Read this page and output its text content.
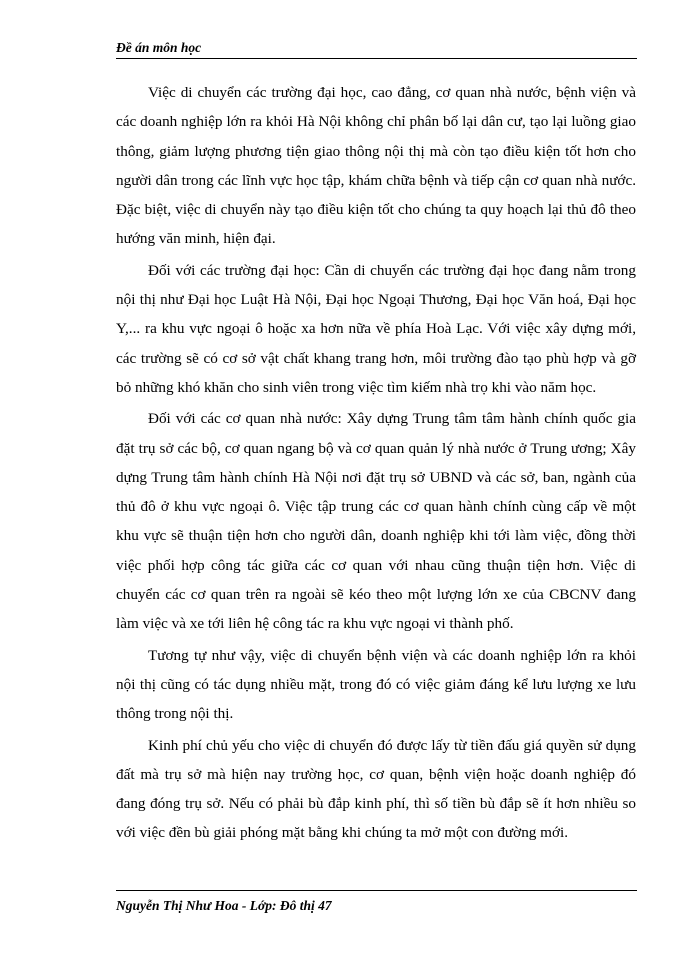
Đề án môn học

Việc di chuyển các trường đại học, cao đẳng, cơ quan nhà nước, bệnh viện và các doanh nghiệp lớn ra khỏi Hà Nội không chỉ phân bố lại dân cư, tạo lại luồng giao thông, giảm lượng phương tiện giao thông nội thị mà còn tạo điều kiện tốt hơn cho người dân trong các lĩnh vực học tập, khám chữa bệnh và tiếp cận cơ quan nhà nước. Đặc biệt, việc di chuyển này tạo điều kiện tốt cho chúng ta quy hoạch lại thủ đô theo hướng văn minh, hiện đại.

Đối với các trường đại học: Cần di chuyển các trường đại học đang nằm trong nội thị như Đại học Luật Hà Nội, Đại học Ngoại Thương, Đại học Văn hoá, Đại học Y,... ra khu vực ngoại ô hoặc xa hơn nữa về phía Hoà Lạc. Với việc xây dựng mới, các trường sẽ có cơ sở vật chất khang trang hơn, môi trường đào tạo phù hợp và gỡ bỏ những khó khăn cho sinh viên trong việc tìm kiếm nhà trọ khi vào năm học.

Đối với các cơ quan nhà nước: Xây dựng Trung tâm tâm hành chính quốc gia đặt trụ sở các bộ, cơ quan ngang bộ và cơ quan quản lý nhà nước ở Trung ương; Xây dựng Trung tâm hành chính Hà Nội nơi đặt trụ sở UBND và các sở, ban, ngành của thủ đô ở khu vực ngoại ô. Việc tập trung các cơ quan hành chính cùng cấp về một khu vực sẽ thuận tiện hơn cho người dân, doanh nghiệp khi tới làm việc, đồng thời việc phối hợp công tác giữa các cơ quan với nhau cũng thuận tiện hơn. Việc di chuyển các cơ quan trên ra ngoài sẽ kéo theo một lượng lớn xe của CBCNV đang làm việc và xe tới liên hệ công tác ra khu vực ngoại vi thành phố.

Tương tự như vậy, việc di chuyển bệnh viện và các doanh nghiệp lớn ra khỏi nội thị cũng có tác dụng nhiều mặt, trong đó có việc giảm đáng kể lưu lượng xe lưu thông trong nội thị.

Kinh phí chủ yếu cho việc di chuyển đó được lấy từ tiền đấu giá quyền sử dụng đất mà trụ sở mà hiện nay trường học, cơ quan, bệnh viện hoặc doanh nghiệp đó đang đóng trụ sở. Nếu có phải bù đắp kinh phí, thì số tiền bù đắp sẽ ít hơn nhiều so với việc đền bù giải phóng mặt bằng khi chúng ta mở một con đường mới.

Nguyễn Thị Như Hoa - Lớp: Đô thị 47
